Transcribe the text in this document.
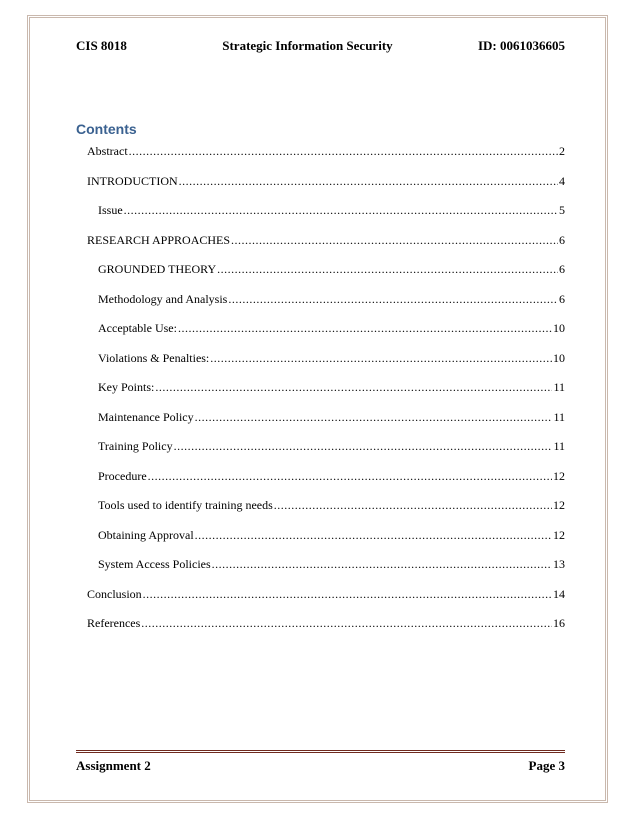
CIS 8018	Strategic Information Security	ID: 0061036605
Contents
Abstract .....	2
INTRODUCTION .....	4
Issue .....	5
RESEARCH APPROACHES .....	6
GROUNDED THEORY .....	6
Methodology and Analysis .....	6
Acceptable Use: .....	10
Violations & Penalties: .....	10
Key Points: .....	11
Maintenance Policy .....	11
Training Policy .....	11
Procedure .....	12
Tools used to identify training needs .....	12
Obtaining Approval .....	12
System Access Policies .....	13
Conclusion .....	14
References .....	16
Assignment 2	Page 3
